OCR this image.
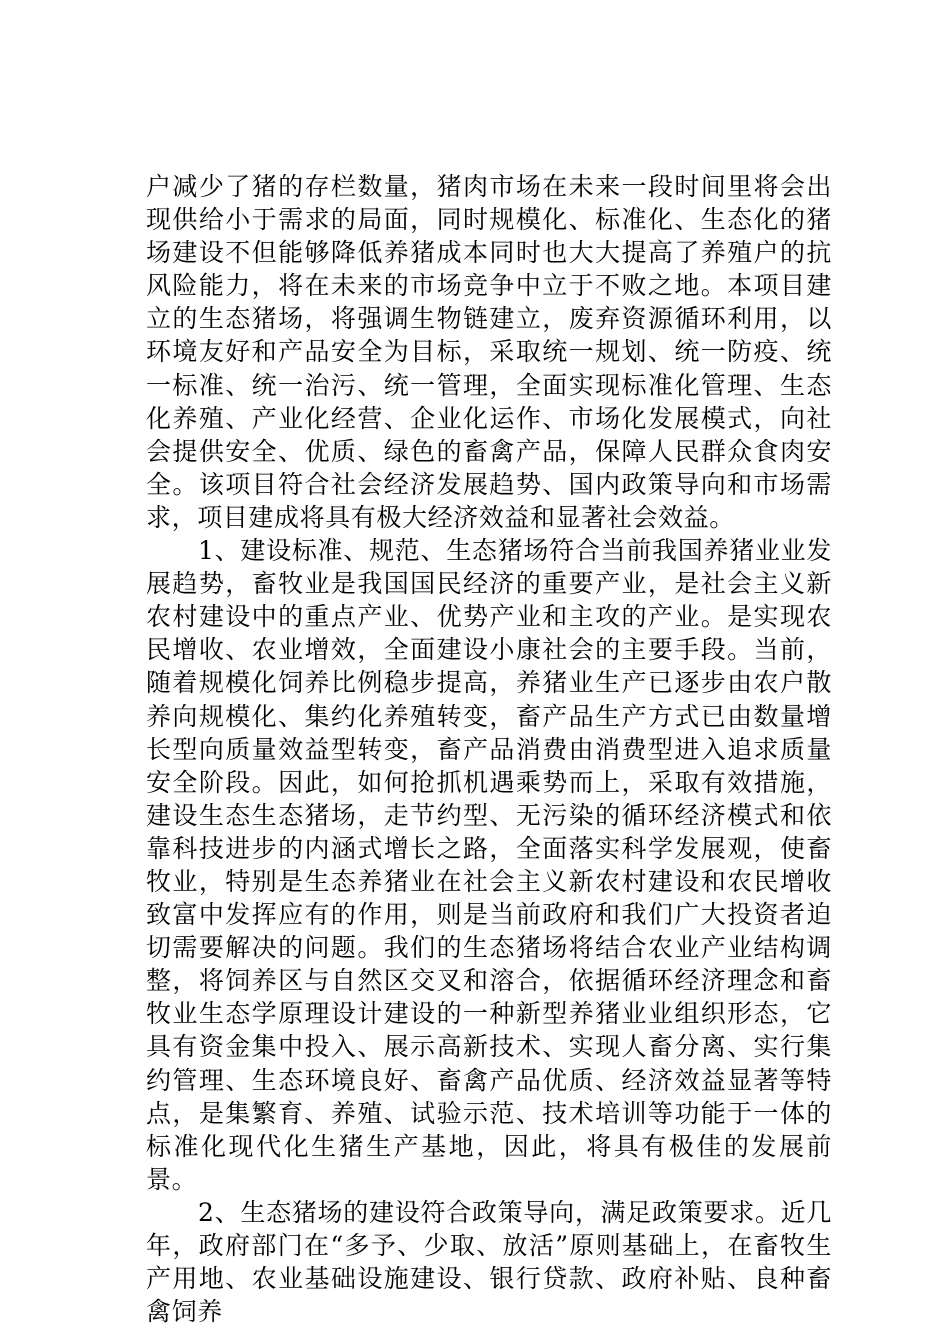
户减少了猪的存栏数量，猪肉市场在未来一段时间里将会出现供给小于需求的局面，同时规模化、标准化、生态化的猪场建设不但能够降低养猪成本同时也大大提高了养殖户的抗风险能力，将在未来的市场竞争中立于不败之地。本项目建立的生态猪场，将强调生物链建立，废弃资源循环利用，以环境友好和产品安全为目标，采取统一规划、统一防疫、统一标准、统一治污、统一管理，全面实现标准化管理、生态化养殖、产业化经营、企业化运作、市场化发展模式，向社会提供安全、优质、绿色的畜禽产品，保障人民群众食肉安全。该项目符合社会经济发展趋势、国内政策导向和市场需求，项目建成将具有极大经济效益和显著社会效益。

1、建设标准、规范、生态猪场符合当前我国养猪业业发展趋势，畜牧业是我国国民经济的重要产业，是社会主义新农村建设中的重点产业、优势产业和主攻的产业。是实现农民增收、农业增效，全面建设小康社会的主要手段。当前，随着规模化饲养比例稳步提高，养猪业生产已逐步由农户散养向规模化、集约化养殖转变，畜产品生产方式已由数量增长型向质量效益型转变，畜产品消费由消费型进入追求质量安全阶段。因此，如何抢抓机遇乘势而上，采取有效措施，建设生态生态猪场，走节约型、无污染的循环经济模式和依靠科技进步的内涵式增长之路，全面落实科学发展观，使畜牧业，特别是生态养猪业在社会主义新农村建设和农民增收致富中发挥应有的作用，则是当前政府和我们广大投资者迫切需要解决的问题。我们的生态猪场将结合农业产业结构调整，将饲养区与自然区交叉和溶合，依据循环经济理念和畜牧业生态学原理设计建设的一种新型养猪业业组织形态，它具有资金集中投入、展示高新技术、实现人畜分离、实行集约管理、生态环境良好、畜禽产品优质、经济效益显著等特点，是集繁育、养殖、试验示范、技术培训等功能于一体的标准化现代化生猪生产基地，因此，将具有极佳的发展前景。

2、生态猪场的建设符合政策导向，满足政策要求。近几年，政府部门在“多予、少取、放活”原则基础上，在畜牧生产用地、农业基础设施建设、银行贷款、政府补贴、良种畜禽饲养
